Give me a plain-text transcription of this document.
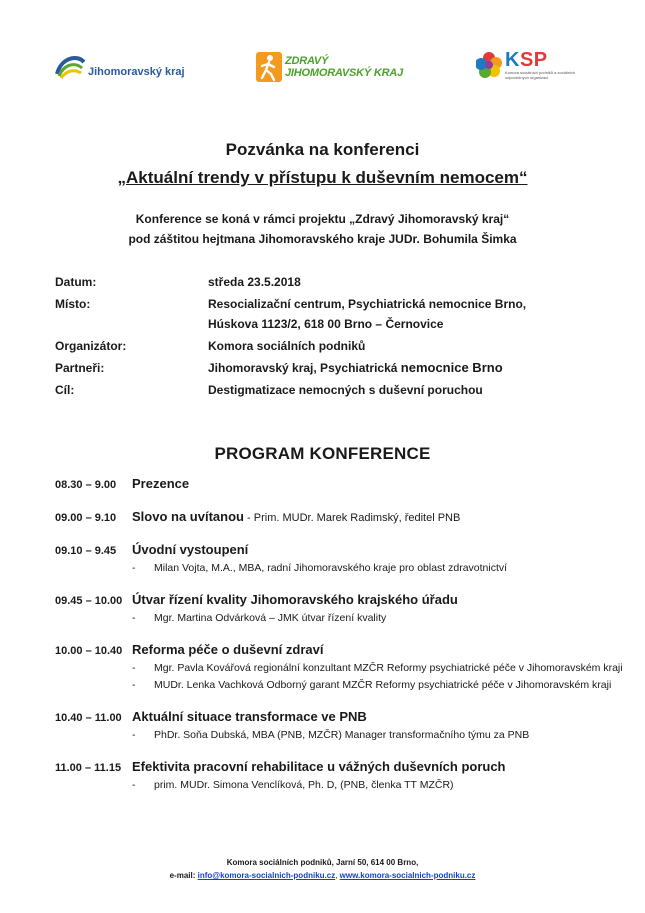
Jihomoravský kraj
ZDRAVÝ
JIHOMORAVSKÝ KRAJ
KSP
Komora sociálních podniků a sociálních odpovědných organizací
Pozvánka na konferenci
„Aktuální trendy v přístupu k duševním nemocem“
Konference se koná v rámci projektu „Zdravý Jihomoravský kraj“
pod záštitou hejtmana Jihomoravského kraje JUDr. Bohumila Šimka
Datum:	středa 23.5.2018
Místo:	Resocializační centrum, Psychiatrická nemocnice Brno,
Húskova 1123/2, 618 00 Brno – Černovice
Organizátor:	Komora sociálních podniků
Partneři:	Jihomoravský kraj, Psychiatrická nemocnice Brno
Cíl:	Destigmatizace nemocných s duševní poruchou
PROGRAM KONFERENCE
08.30 – 9.00	Prezence
09.00 – 9.10	Slovo na uvítanou - Prim. MUDr. Marek Radimský, ředitel PNB
09.10 – 9.45	Úvodní vystoupení
-	Milan Vojta, M.A., MBA, radní Jihomoravského kraje pro oblast zdravotnictví
09.45 – 10.00 Útvar řízení kvality Jihomoravského krajského úřadu
-	Mgr. Martina Odvárková – JMK útvar řízení kvality
10.00 – 10.40 Reforma péče o duševní zdraví
-	Mgr. Pavla Kovářová regionální konzultant MZČR Reformy psychiatrické péče v Jihomoravském kraji
-	MUDr. Lenka Vachková Odborný garant MZČR Reformy psychiatrické péče v Jihomoravském kraji
10.40 – 11.00 Aktuální situace transformace ve PNB
-	PhDr. Soňa Dubská, MBA (PNB, MZČR) Manager transformačního týmu za PNB
11.00 – 11.15 Efektivita pracovní rehabilitace u vážných duševních poruch
-	prim. MUDr. Simona Venclíková, Ph. D, (PNB, členka TT MZČR)
Komora sociálních podniků, Jarní 50, 614 00 Brno,
e-mail: info@komora-socialnich-podniku.cz, www.komora-socialnich-podniku.cz
